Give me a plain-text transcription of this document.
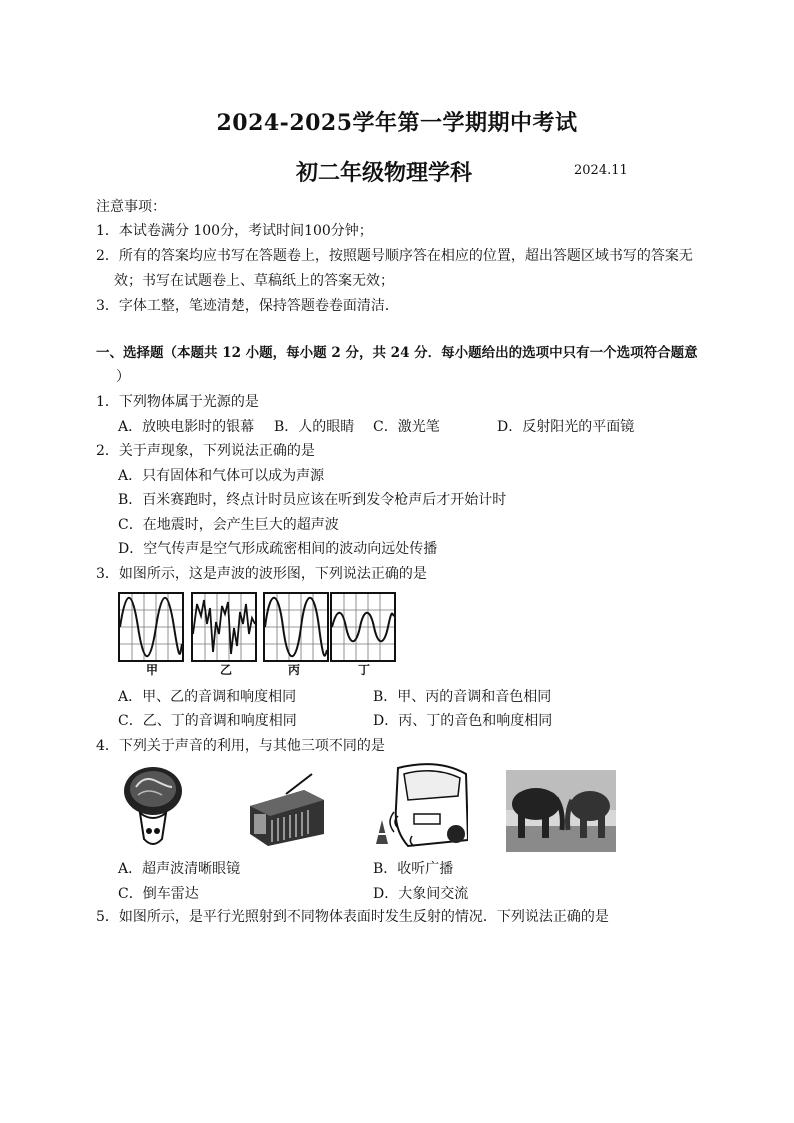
2024-2025学年第一学期期中考试
初二年级物理学科	2024.11
注意事项：
1．本试卷满分 100分，考试时间100分钟；
2．所有的答案均应书写在答题卷上，按照题号顺序答在相应的位置，超出答题区域书写的答案无
效；书写在试题卷上、草稿纸上的答案无效；
3．字体工整，笔迹清楚，保持答题卷卷面清洁．
一、选择题（本题共 12 小题，每小题 2 分，共 24 分．每小题给出的选项中只有一个选项符合题意
）
1．下列物体属于光源的是
A．放映电影时的银幕 B．人的眼睛 C．激光笔	D．反射阳光的平面镜
2．关于声现象，下列说法正确的是
A．只有固体和气体可以成为声源
B．百米赛跑时，终点计时员应该在听到发令枪声后才开始计时
C．在地震时，会产生巨大的超声波
D．空气传声是空气形成疏密相间的波动向远处传播
3．如图所示，这是声波的波形图，下列说法正确的是
甲	乙	丙	丁
A．甲、乙的音调和响度相同	B．甲、丙的音调和音色相同
C．乙、丁的音调和响度相同	D．丙、丁的音色和响度相同
4．下列关于声音的利用，与其他三项不同的是
A．超声波清晰眼镜	B．收听广播
C．倒车雷达	D．大象间交流
5．如图所示，是平行光照射到不同物体表面时发生反射的情况．下列说法正确的是
